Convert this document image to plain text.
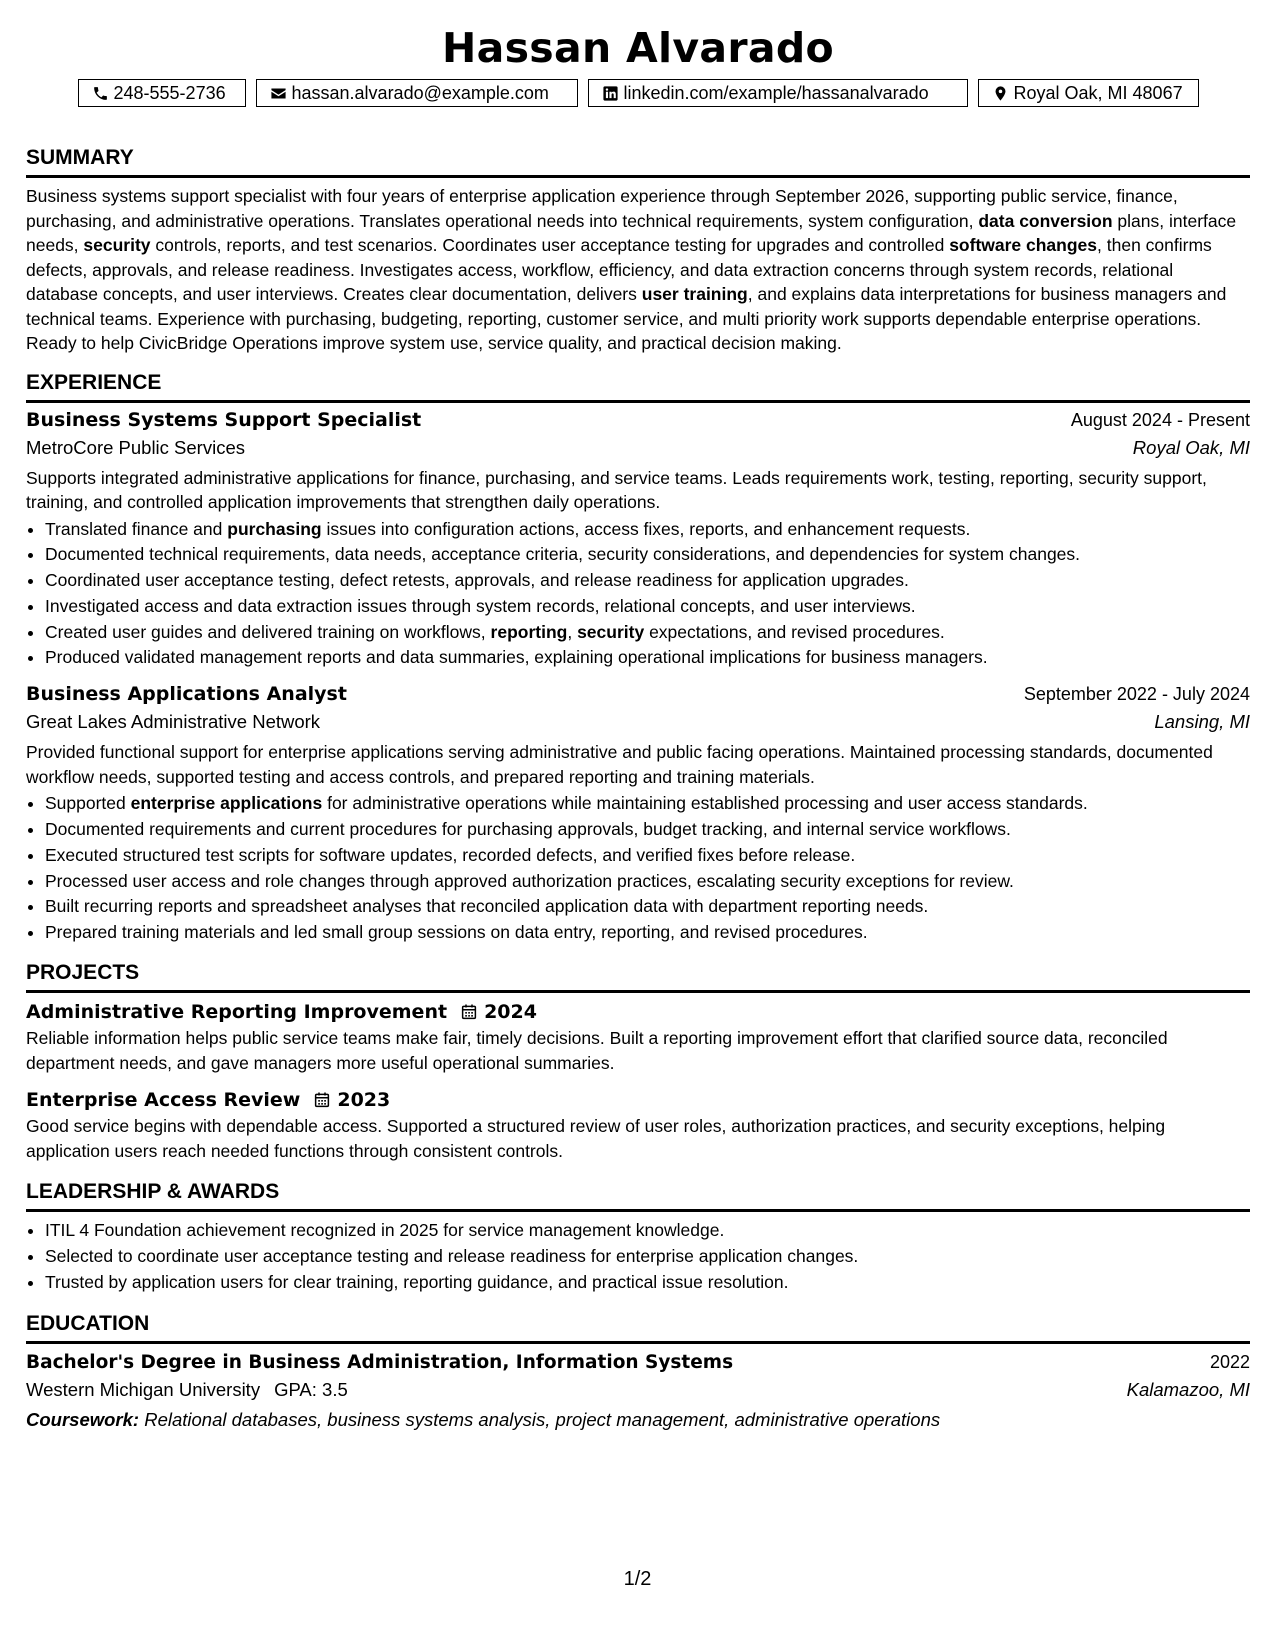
Hassan Alvarado
248-555-2736	hassan.alvarado@example.com	linkedin.com/example/hassanalvarado	Royal Oak, MI 48067
SUMMARY

Business systems support specialist with four years of enterprise application experience through September 2026, supporting public service, finance, purchasing, and administrative operations. Translates operational needs into technical requirements, system configuration, data conversion plans, interface needs, security controls, reports, and test scenarios. Coordinates user acceptance testing for upgrades and controlled software changes, then confirms defects, approvals, and release readiness. Investigates access, workflow, efficiency, and data extraction concerns through system records, relational database concepts, and user interviews. Creates clear documentation, delivers user training, and explains data interpretations for business managers and technical teams. Experience with purchasing, budgeting, reporting, customer service, and multi priority work supports dependable enterprise operations. Ready to help CivicBridge Operations improve system use, service quality, and practical decision making.

EXPERIENCE
Business Systems Support Specialist	August 2024 - Present
MetroCore Public Services	Royal Oak, MI

Supports integrated administrative applications for finance, purchasing, and service teams. Leads requirements work, testing, reporting, security support, training, and controlled application improvements that strengthen daily operations.

• Translated finance and purchasing issues into configuration actions, access fixes, reports, and enhancement requests.
• Documented technical requirements, data needs, acceptance criteria, security considerations, and dependencies for system changes.
• Coordinated user acceptance testing, defect retests, approvals, and release readiness for application upgrades.
• Investigated access and data extraction issues through system records, relational concepts, and user interviews.
• Created user guides and delivered training on workflows, reporting, security expectations, and revised procedures.
• Produced validated management reports and data summaries, explaining operational implications for business managers.
Business Applications Analyst	September 2022 - July 2024
Great Lakes Administrative Network	Lansing, MI

Provided functional support for enterprise applications serving administrative and public facing operations. Maintained processing standards, documented workflow needs, supported testing and access controls, and prepared reporting and training materials.

• Supported enterprise applications for administrative operations while maintaining established processing and user access standards.
• Documented requirements and current procedures for purchasing approvals, budget tracking, and internal service workflows.
• Executed structured test scripts for software updates, recorded defects, and verified fixes before release.
• Processed user access and role changes through approved authorization practices, escalating security exceptions for review.
• Built recurring reports and spreadsheet analyses that reconciled application data with department reporting needs.
• Prepared training materials and led small group sessions on data entry, reporting, and revised procedures.
PROJECTS
Administrative Reporting Improvement 2024

Reliable information helps public service teams make fair, timely decisions. Built a reporting improvement effort that clarified source data, reconciled department needs, and gave managers more useful operational summaries.

Enterprise Access Review 2023

Good service begins with dependable access. Supported a structured review of user roles, authorization practices, and security exceptions, helping application users reach needed functions through consistent controls.

LEADERSHIP & AWARDS
• ITIL 4 Foundation achievement recognized in 2025 for service management knowledge.
• Selected to coordinate user acceptance testing and release readiness for enterprise application changes.
• Trusted by application users for clear training, reporting guidance, and practical issue resolution.
EDUCATION
Bachelor's Degree in Business Administration, Information Systems	2022
Western Michigan University GPA: 3.5	Kalamazoo, MI
Coursework: Relational databases, business systems analysis, project management, administrative operations
1/2
